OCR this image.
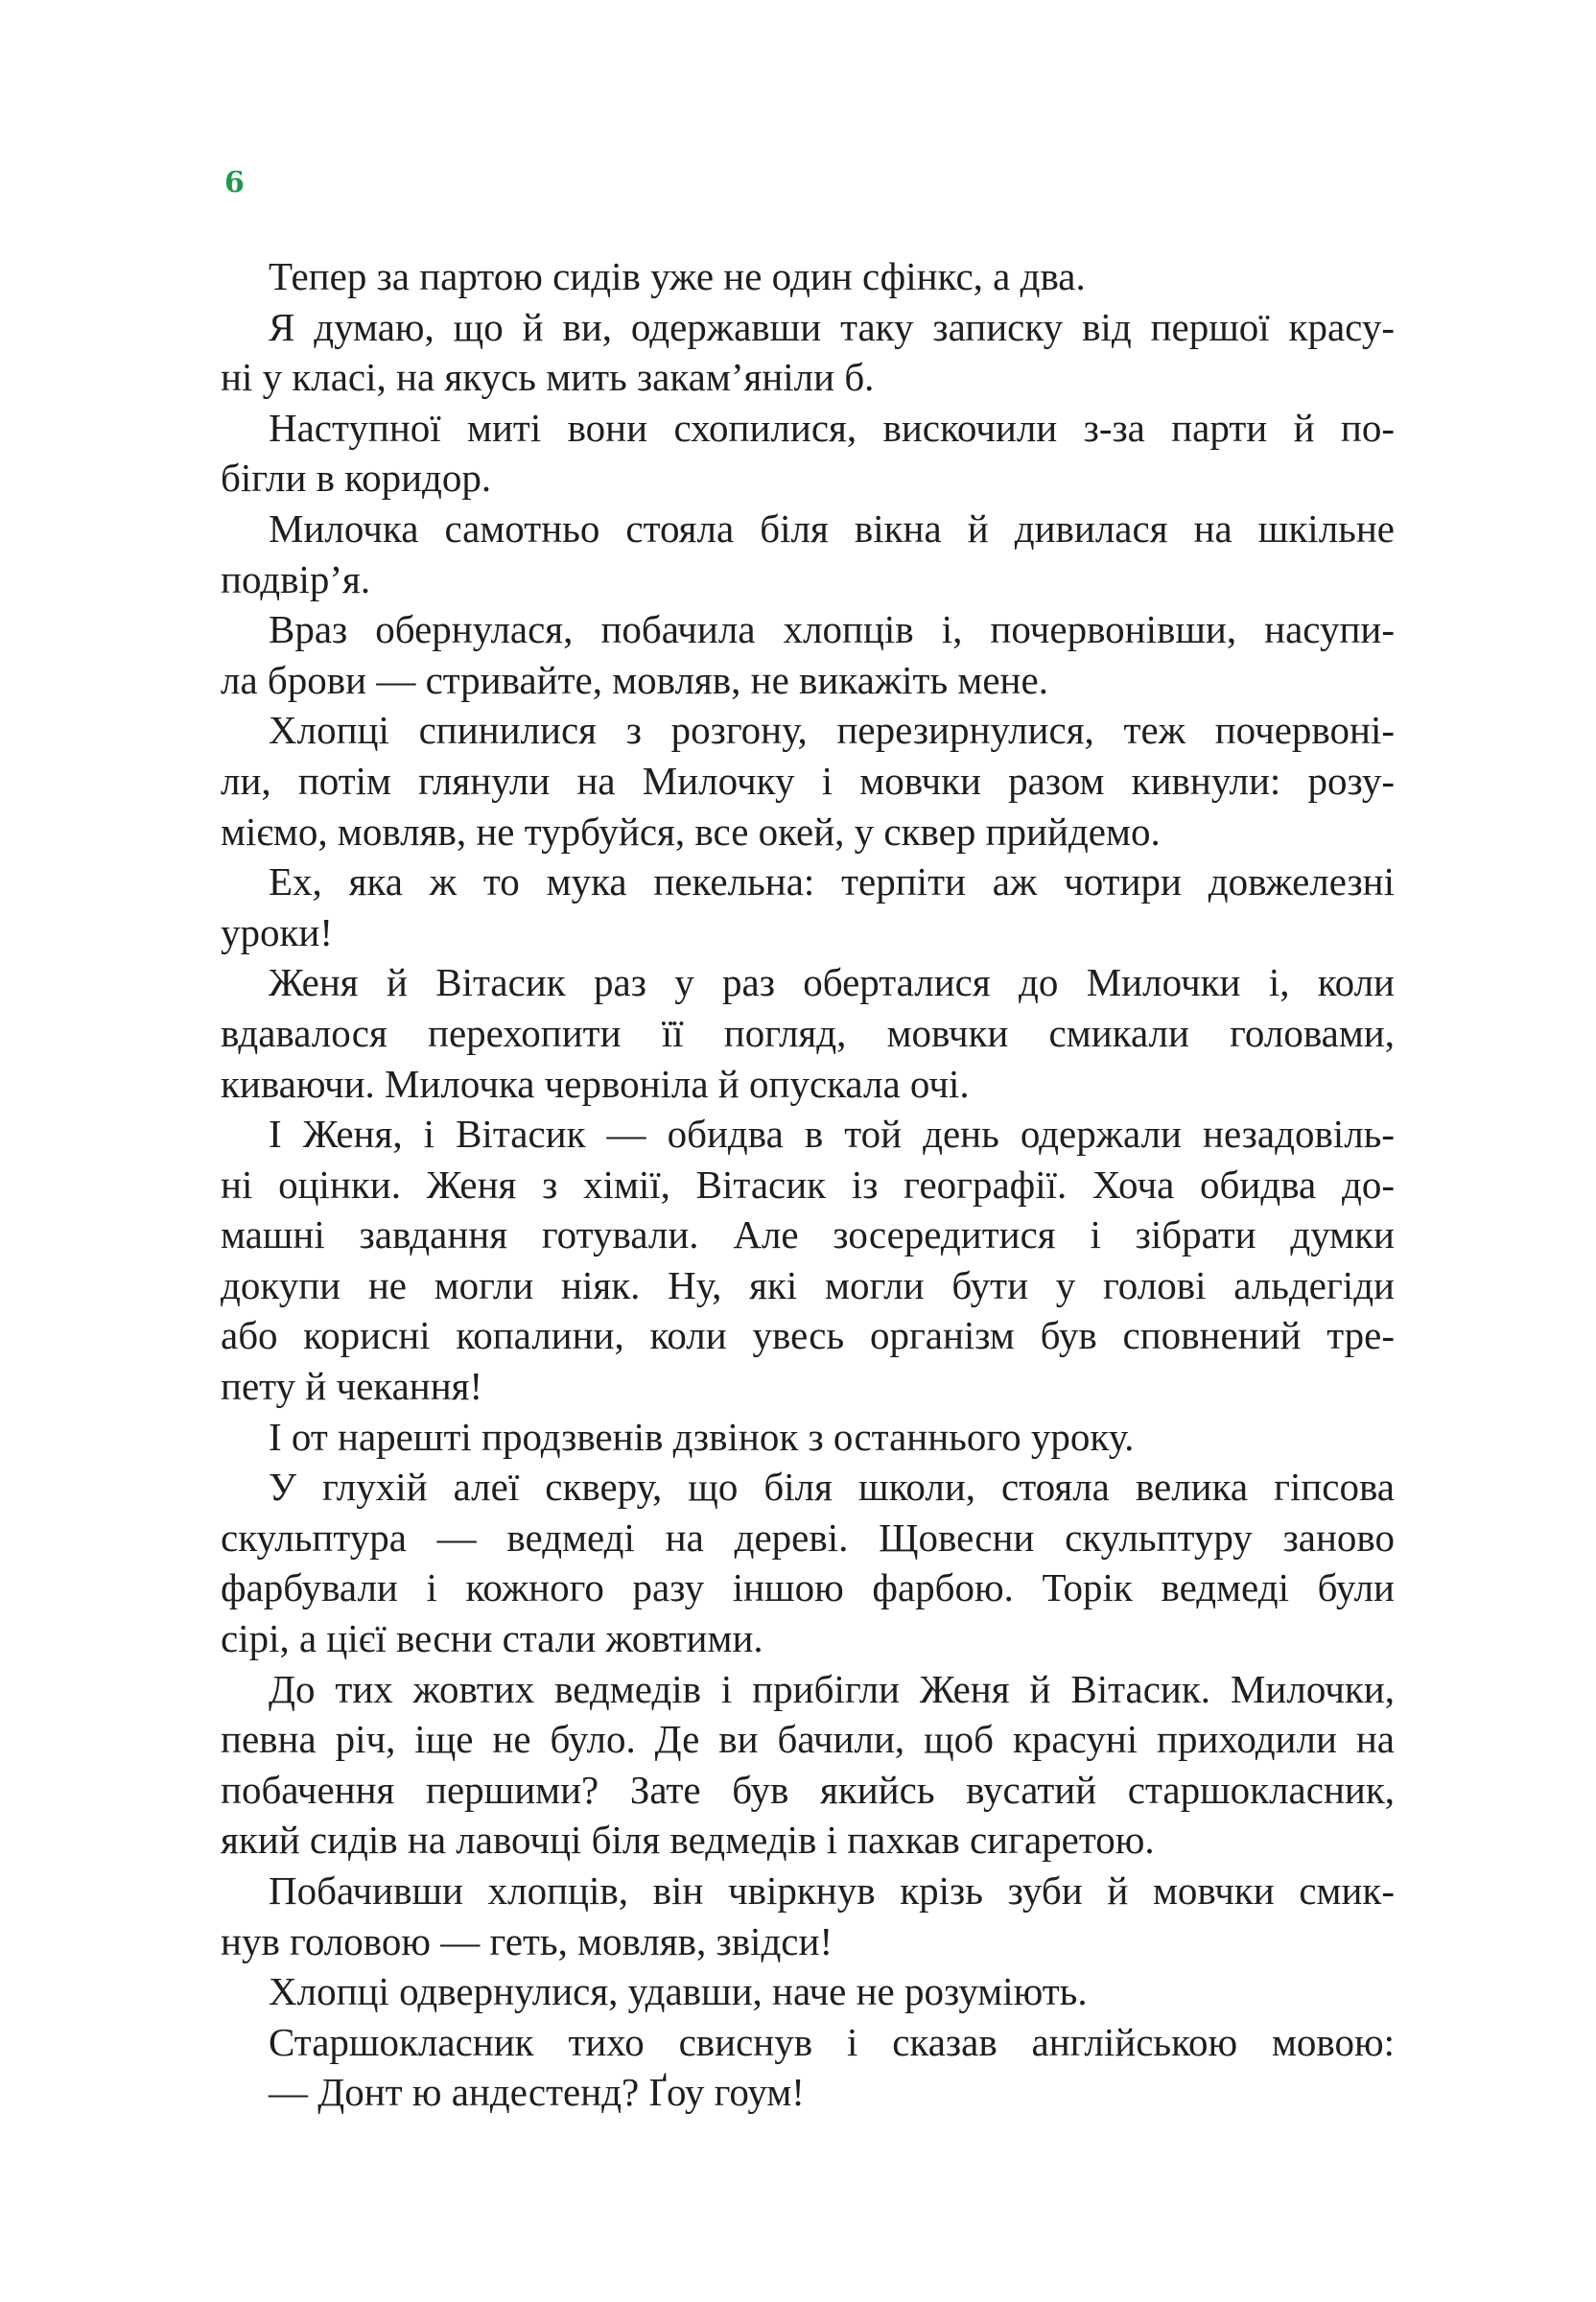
6
Тепер за партою сидів уже не один сфінкс, а два.
Я думаю, що й ви, одержавши таку записку від першої красу-
ні у класі, на якусь мить закам’яніли б.
Наступної миті вони схопилися, вискочили з-за парти й по-
бігли в коридор.
Милочка самотньо стояла біля вікна й дивилася на шкільне
подвір’я.
Враз обернулася, побачила хлопців і, почервонівши, насупи-
ла брови — стривайте, мовляв, не викажіть мене.
Хлопці спинилися з розгону, перезирнулися, теж почервоні-
ли, потім глянули на Милочку і мовчки разом кивнули: розу-
міємо, мовляв, не турбуйся, все окей, у сквер прийдемо.
Ех, яка ж то мука пекельна: терпіти аж чотири довжелезні
уроки!
Женя й Вітасик раз у раз оберталися до Милочки і, коли
вдавалося перехопити її погляд, мовчки смикали головами,
киваючи. Милочка червоніла й опускала очі.
І Женя, і Вітасик — обидва в той день одержали незадовіль-
ні оцінки. Женя з хімії, Вітасик із географії. Хоча обидва до-
машні завдання готували. Але зосередитися і зібрати думки
докупи не могли ніяк. Ну, які могли бути у голові альдегіди
або корисні копалини, коли увесь організм був сповнений тре-
пету й чекання!
І от нарешті продзвенів дзвінок з останнього уроку.
У глухій алеї скверу, що біля школи, стояла велика гіпсова
скульптура — ведмеді на дереві. Щовесни скульптуру заново
фарбували і кожного разу іншою фарбою. Торік ведмеді були
сірі, а цієї весни стали жовтими.
До тих жовтих ведмедів і прибігли Женя й Вітасик. Милочки,
певна річ, іще не було. Де ви бачили, щоб красуні приходили на
побачення першими? Зате був якийсь вусатий старшокласник,
який сидів на лавочці біля ведмедів і пахкав сигаретою.
Побачивши хлопців, він чвіркнув крізь зуби й мовчки смик-
нув головою — геть, мовляв, звідси!
Хлопці одвернулися, удавши, наче не розуміють.
Старшокласник тихо свиснув і сказав англійською мовою:
— Донт ю андестенд? Ґоу гоум!
